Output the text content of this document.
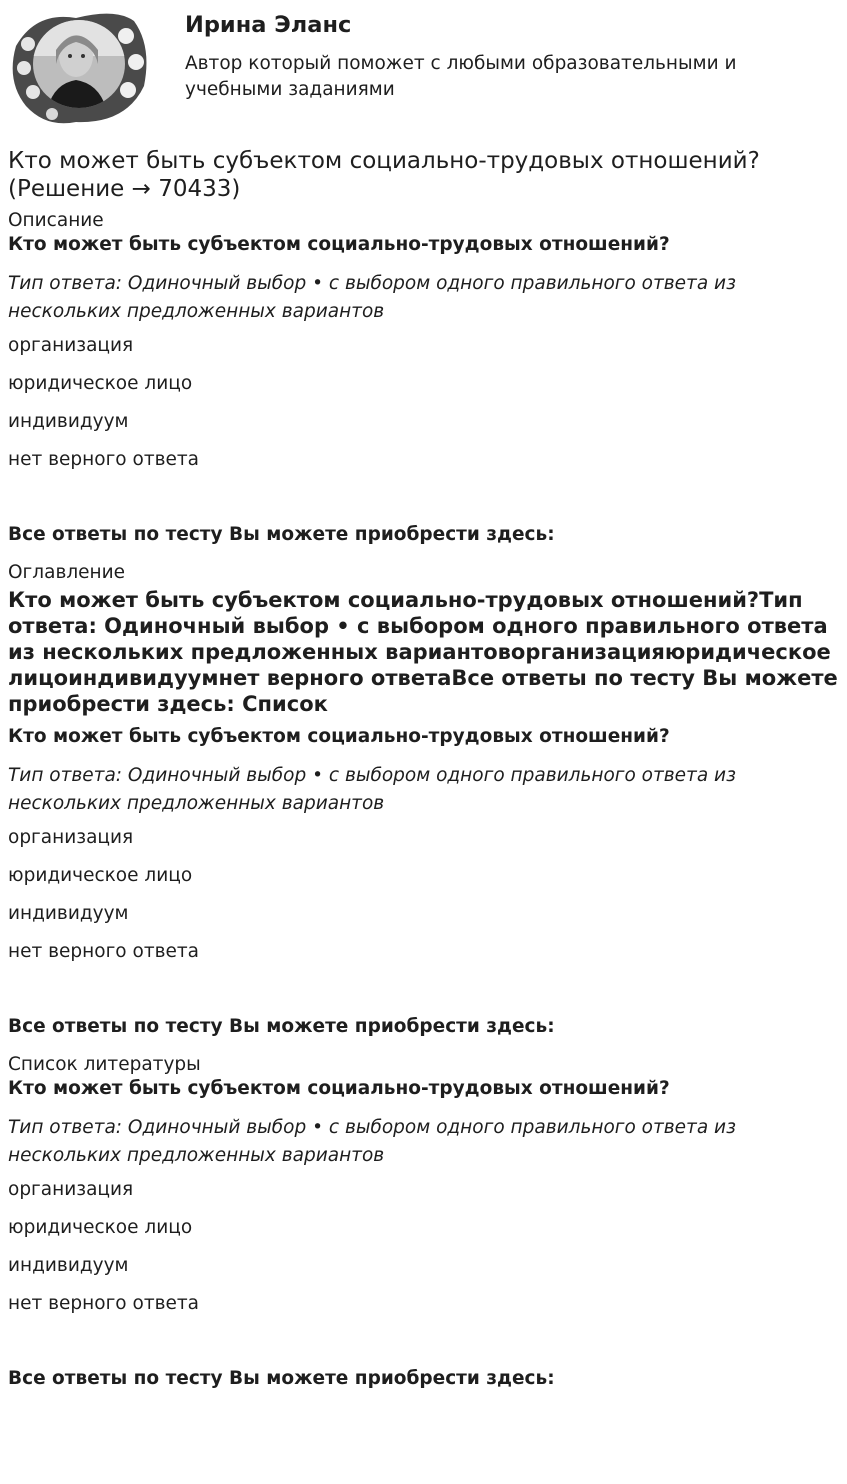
Ирина Эланс

Автор который поможет с любыми образовательными и учебными заданиями

Кто может быть субъектом социально-трудовых отношений? (Решение → 70433)
Описание
Кто может быть субъектом социально-трудовых отношений?
Тип ответа: Одиночный выбор • с выбором одного правильного ответа из нескольких предложенных вариантов
организация
юридическое лицо
индивидуум
нет верного ответа
Все ответы по тесту Вы можете приобрести здесь:
Оглавление
Кто может быть субъектом социально-трудовых отношений?Тип ответа: Одиночный выбор • с выбором одного правильного ответа из нескольких предложенных вариантоворганизацияюридическое лицоиндивидуумнет верного ответаВсе ответы по тесту Вы можете приобрести здесь: Список
Кто может быть субъектом социально-трудовых отношений?
Тип ответа: Одиночный выбор • с выбором одного правильного ответа из нескольких предложенных вариантов
организация
юридическое лицо
индивидуум
нет верного ответа
Все ответы по тесту Вы можете приобрести здесь:
Список литературы
Кто может быть субъектом социально-трудовых отношений?
Тип ответа: Одиночный выбор • с выбором одного правильного ответа из нескольких предложенных вариантов
организация
юридическое лицо
индивидуум
нет верного ответа
Все ответы по тесту Вы можете приобрести здесь:
